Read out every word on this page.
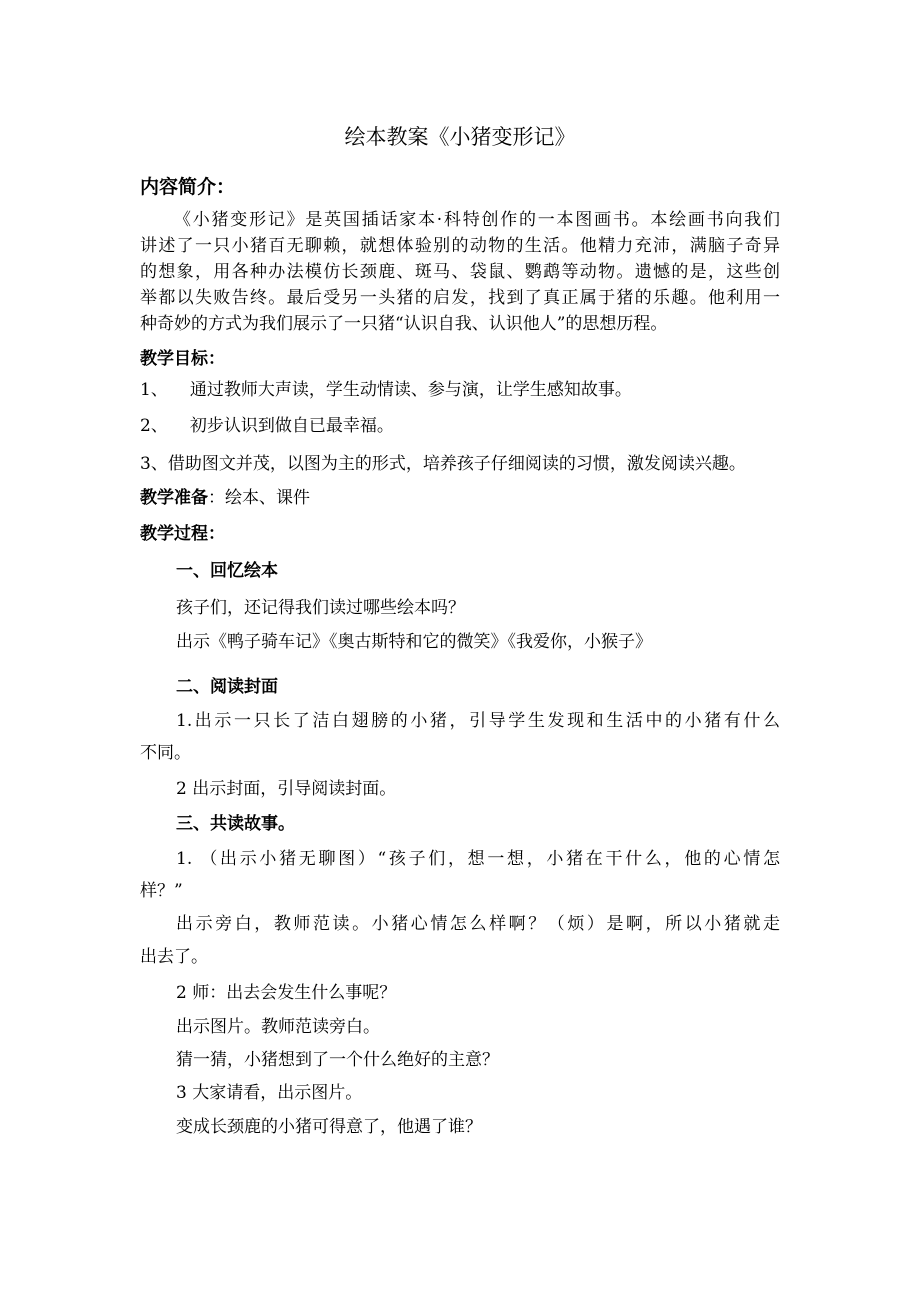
绘本教案《小猪变形记》
内容简介：
《小猪变形记》是英国插话家本·科特创作的一本图画书。本绘画书向我们
讲述了一只小猪百无聊赖，就想体验别的动物的生活。他精力充沛，满脑子奇异
的想象，用各种办法模仿长颈鹿、斑马、袋鼠、鹦鹉等动物。遗憾的是，这些创
举都以失败告终。最后受另一头猪的启发，找到了真正属于猪的乐趣。他利用一
种奇妙的方式为我们展示了一只猪“认识自我、认识他人”的思想历程。
教学目标：
1、 通过教师大声读，学生动情读、参与演，让学生感知故事。
2、 初步认识到做自已最幸福。
3、借助图文并茂，以图为主的形式，培养孩子仔细阅读的习惯，激发阅读兴趣。
教学准备：绘本、课件
教学过程：
一、回忆绘本
孩子们，还记得我们读过哪些绘本吗？
出示《鸭子骑车记》《奥古斯特和它的微笑》《我爱你，小猴子》
二、阅读封面
1.出示一只长了洁白翅膀的小猪，引导学生发现和生活中的小猪有什么
不同。
2 出示封面，引导阅读封面。
三、共读故事。
1. （出示小猪无聊图）“孩子们，想一想，小猪在干什么，他的心情怎
样？”
出示旁白，教师范读。小猪心情怎么样啊？（烦）是啊，所以小猪就走
出去了。
2 师：出去会发生什么事呢？
出示图片。教师范读旁白。
猜一猜，小猪想到了一个什么绝好的主意？
3 大家请看，出示图片。
变成长颈鹿的小猪可得意了，他遇了谁？
